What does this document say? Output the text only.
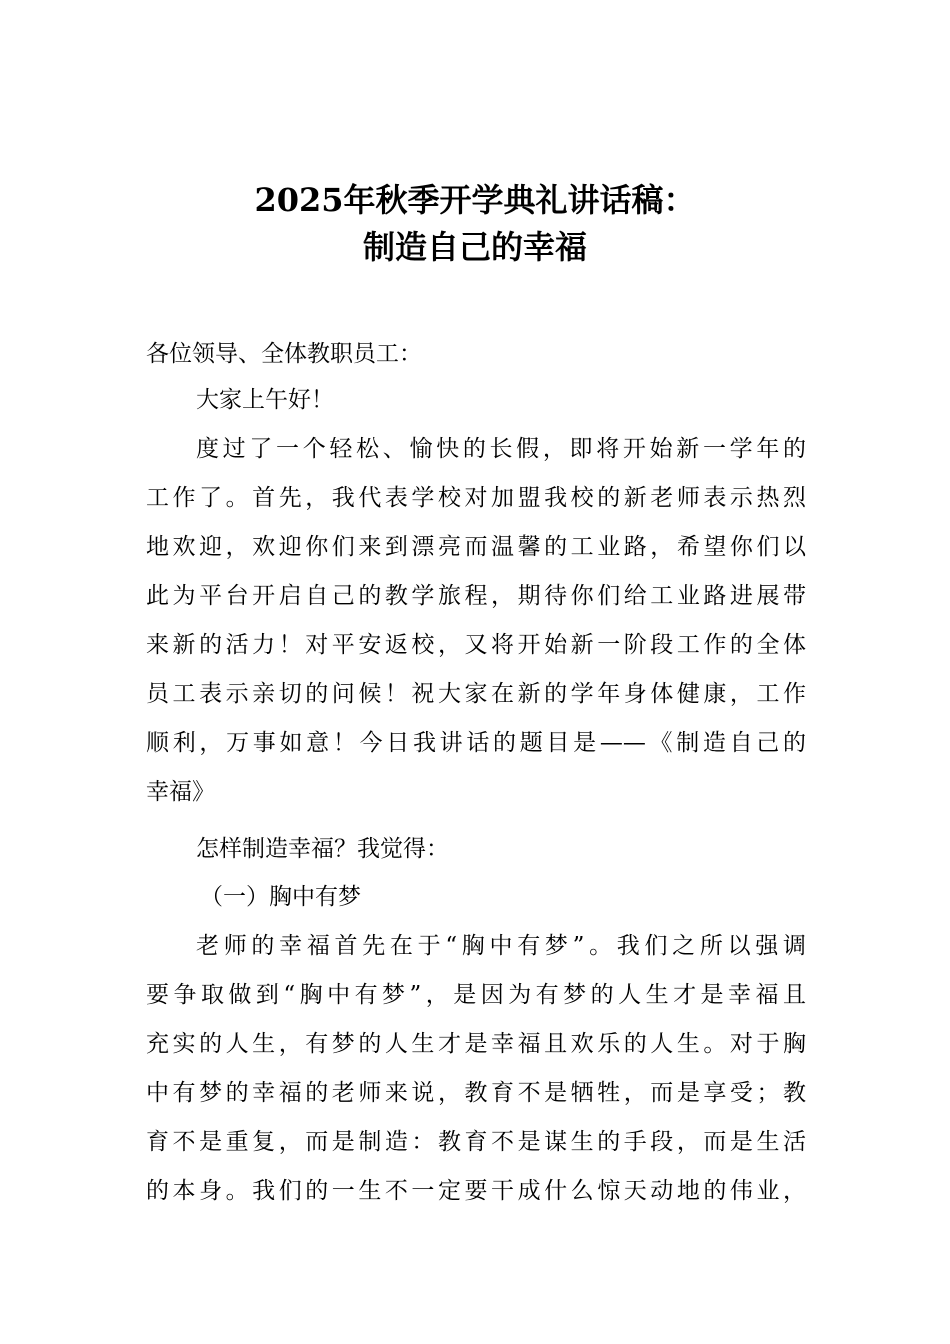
2025年秋季开学典礼讲话稿：
制造自己的幸福
各位领导、全体教职员工：
大家上午好！
度过了一个轻松、愉快的长假，即将开始新一学年的
工作了。首先，我代表学校对加盟我校的新老师表示热烈
地欢迎，欢迎你们来到漂亮而温馨的工业路，希望你们以
此为平台开启自己的教学旅程，期待你们给工业路进展带
来新的活力！对平安返校，又将开始新一阶段工作的全体
员工表示亲切的问候！祝大家在新的学年身体健康，工作
顺利，万事如意！今日我讲话的题目是——《制造自己的
幸福》
怎样制造幸福？我觉得：
（一）胸中有梦
老师的幸福首先在于“胸中有梦”。我们之所以强调
要争取做到“胸中有梦”，是因为有梦的人生才是幸福且
充实的人生，有梦的人生才是幸福且欢乐的人生。对于胸
中有梦的幸福的老师来说，教育不是牺牲，而是享受；教
育不是重复，而是制造：教育不是谋生的手段，而是生活
的本身。我们的一生不一定要干成什么惊天动地的伟业，
